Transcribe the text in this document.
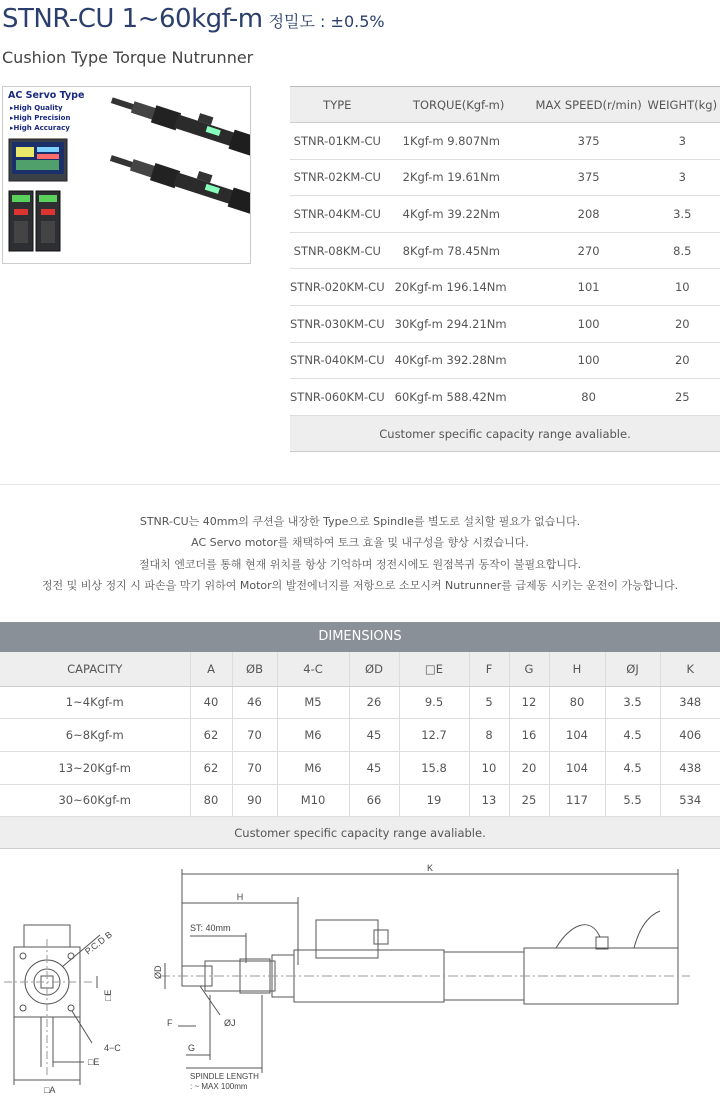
STNR-CU 1~60kgf-m 정밀도 : ±0.5%
Cushion Type Torque Nutrunner
AC Servo Type
▸ High Quality
▸ High Precision
▸ High Accuracy
TYPE	TORQUE(Kgf-m)	MAX SPEED(r/min)	WEIGHT(kg)
STNR-01KM-CU	1Kgf-m 9.807Nm	375	3
STNR-02KM-CU	2Kgf-m 19.61Nm	375	3
STNR-04KM-CU	4Kgf-m 39.22Nm	208	3.5
STNR-08KM-CU	8Kgf-m 78.45Nm	270	8.5
STNR-020KM-CU	20Kgf-m 196.14Nm	101	10
STNR-030KM-CU	30Kgf-m 294.21Nm	100	20
STNR-040KM-CU	40Kgf-m 392.28Nm	100	20
STNR-060KM-CU	60Kgf-m 588.42Nm	80	25
Customer specific capacity range avaliable.			
STNR-CU는 40mm의 쿠션을 내장한 Type으로 Spindle를 별도로 설치할 필요가 없습니다.
AC Servo motor를 채택하여 토크 효율 및 내구성을 향상 시켰습니다.
절대치 엔코더를 통해 현재 위치를 항상 기억하며 정전시에도 원점복귀 동작이 불필요합니다.
정전 및 비상 정지 시 파손을 막기 위하여 Motor의 발전에너지를 저항으로 소모시켜 Nutrunner를 급제동 시키는 운전이 가능합니다.
DIMENSIONS
CAPACITY	A	ØB	4-C	ØD	□E	F	G	H	ØJ	K
1~4Kgf-m	40	46	M5	26	9.5	5	12	80	3.5	348
6~8Kgf-m	62	70	M6	45	12.7	8	16	104	4.5	406
13~20Kgf-m	62	70	M6	45	15.8	10	20	104	4.5	438
30~60Kgf-m	80	90	M10	66	19	13	25	117	5.5	534
Customer specific capacity range avaliable.										
K
H
ST: 40mm
ØD
F	ØJ
G
SPINDLE LENGTH
: ~ MAX 100mm
P.C.D B
□E
4−C
□E
□A
